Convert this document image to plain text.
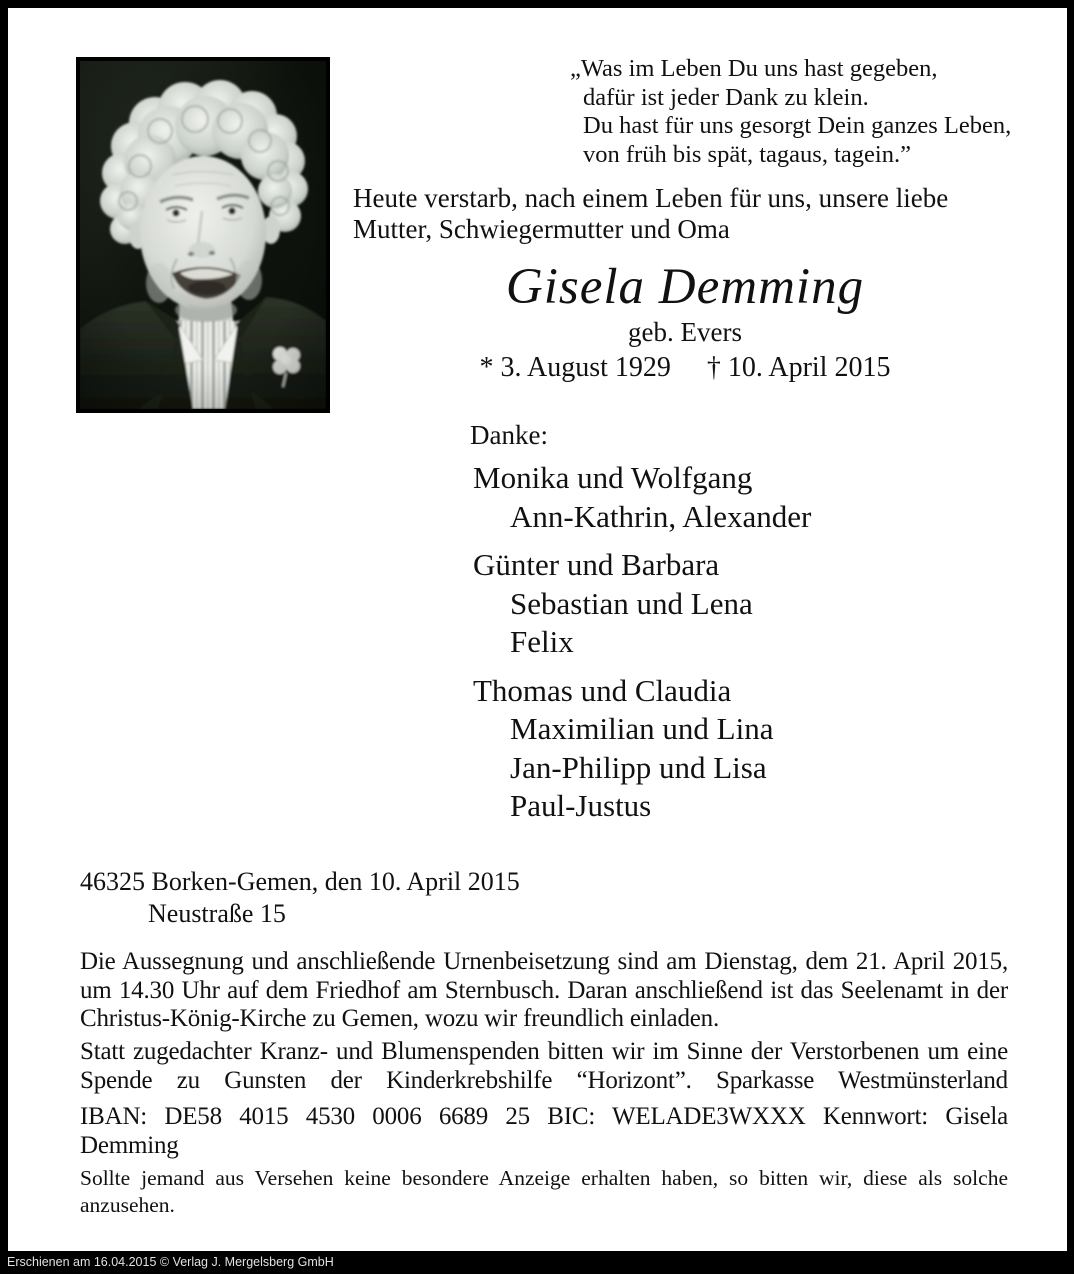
„Was im Leben Du uns hast gegeben,
dafür ist jeder Dank zu klein.
Du hast für uns gesorgt Dein ganzes Leben,
von früh bis spät, tagaus, tagein.”
Heute verstarb, nach einem Leben für uns, unsere liebe
Mutter, Schwiegermutter und Oma
Gisela Demming
geb. Evers
* 3. August 1929 † 10. April 2015
Danke:
Monika und Wolfgang
Ann-Kathrin, Alexander
Günter und Barbara
Sebastian und Lena
Felix
Thomas und Claudia
Maximilian und Lina
Jan-Philipp und Lisa
Paul-Justus
46325 Borken-Gemen, den 10. April 2015
Neustraße 15

Die Aussegnung und anschließende Urnenbeisetzung sind am Dienstag, dem 21. April 2015, um 14.30 Uhr auf dem Friedhof am Sternbusch. Daran anschließend ist das Seelenamt in der Christus-König-Kirche zu Gemen, wozu wir freundlich einladen.

Statt zugedachter Kranz- und Blumenspenden bitten wir im Sinne der Verstorbenen um eine Spende zu Gunsten der Kinderkrebshilfe “Horizont”. Sparkasse Westmünsterland

IBAN: DE58 4015 4530 0006 6689 25 BIC: WELADE3WXXX Kennwort: Gisela Demming

Sollte jemand aus Versehen keine besondere Anzeige erhalten haben, so bitten wir, diese als solche anzusehen.

Erschienen am 16.04.2015 © Verlag J. Mergelsberg GmbH
